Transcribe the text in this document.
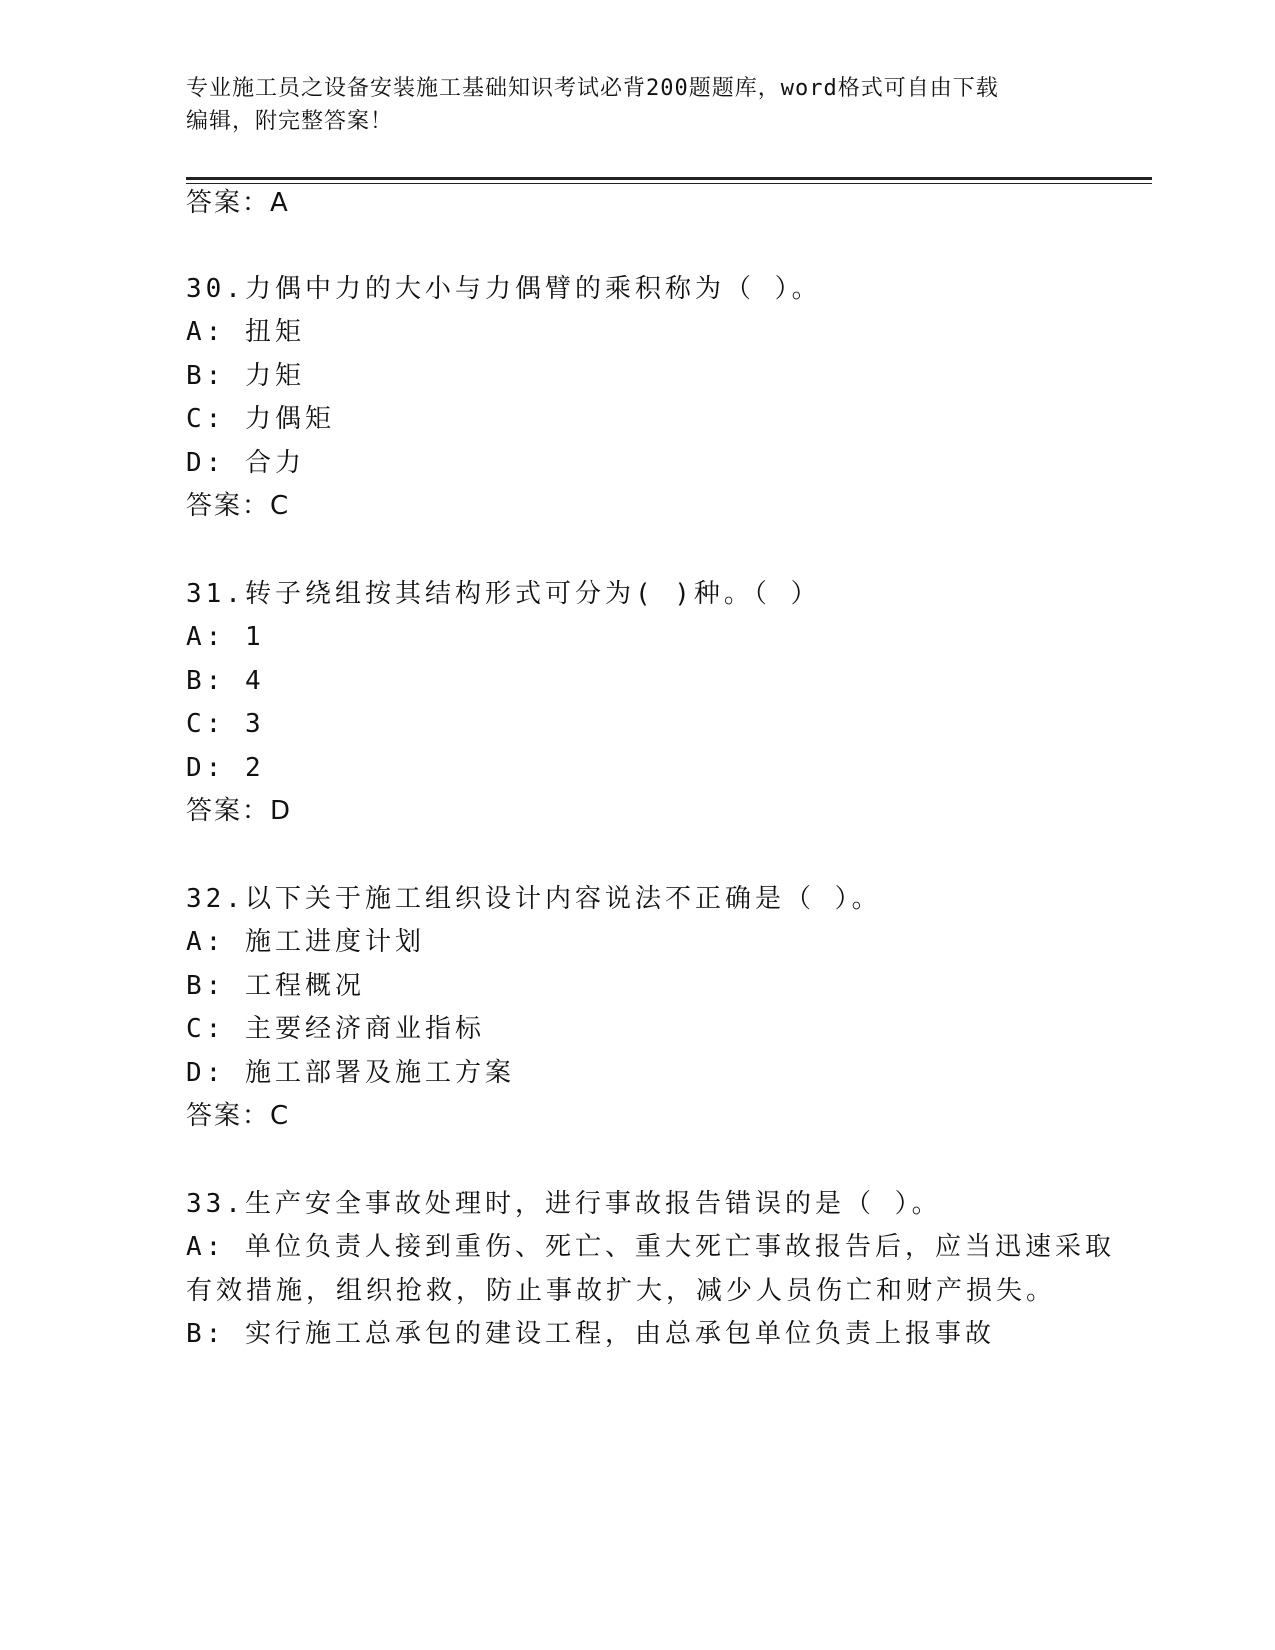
专业施工员之设备安装施工基础知识考试必背200题题库，word格式可自由下载
编辑，附完整答案！
答案：A
30.力偶中力的大小与力偶臂的乘积称为（ ）。
A: 扭矩
B: 力矩
C: 力偶矩
D: 合力
答案：C
31.转子绕组按其结构形式可分为( )种。（ ）
A: 1
B: 4
C: 3
D: 2
答案：D
32.以下关于施工组织设计内容说法不正确是（ ）。
A: 施工进度计划
B: 工程概况
C: 主要经济商业指标
D: 施工部署及施工方案
答案：C
33.生产安全事故处理时，进行事故报告错误的是（ ）。
A: 单位负责人接到重伤、死亡、重大死亡事故报告后，应当迅速采取
有效措施，组织抢救，防止事故扩大，减少人员伤亡和财产损失。
B: 实行施工总承包的建设工程，由总承包单位负责上报事故
